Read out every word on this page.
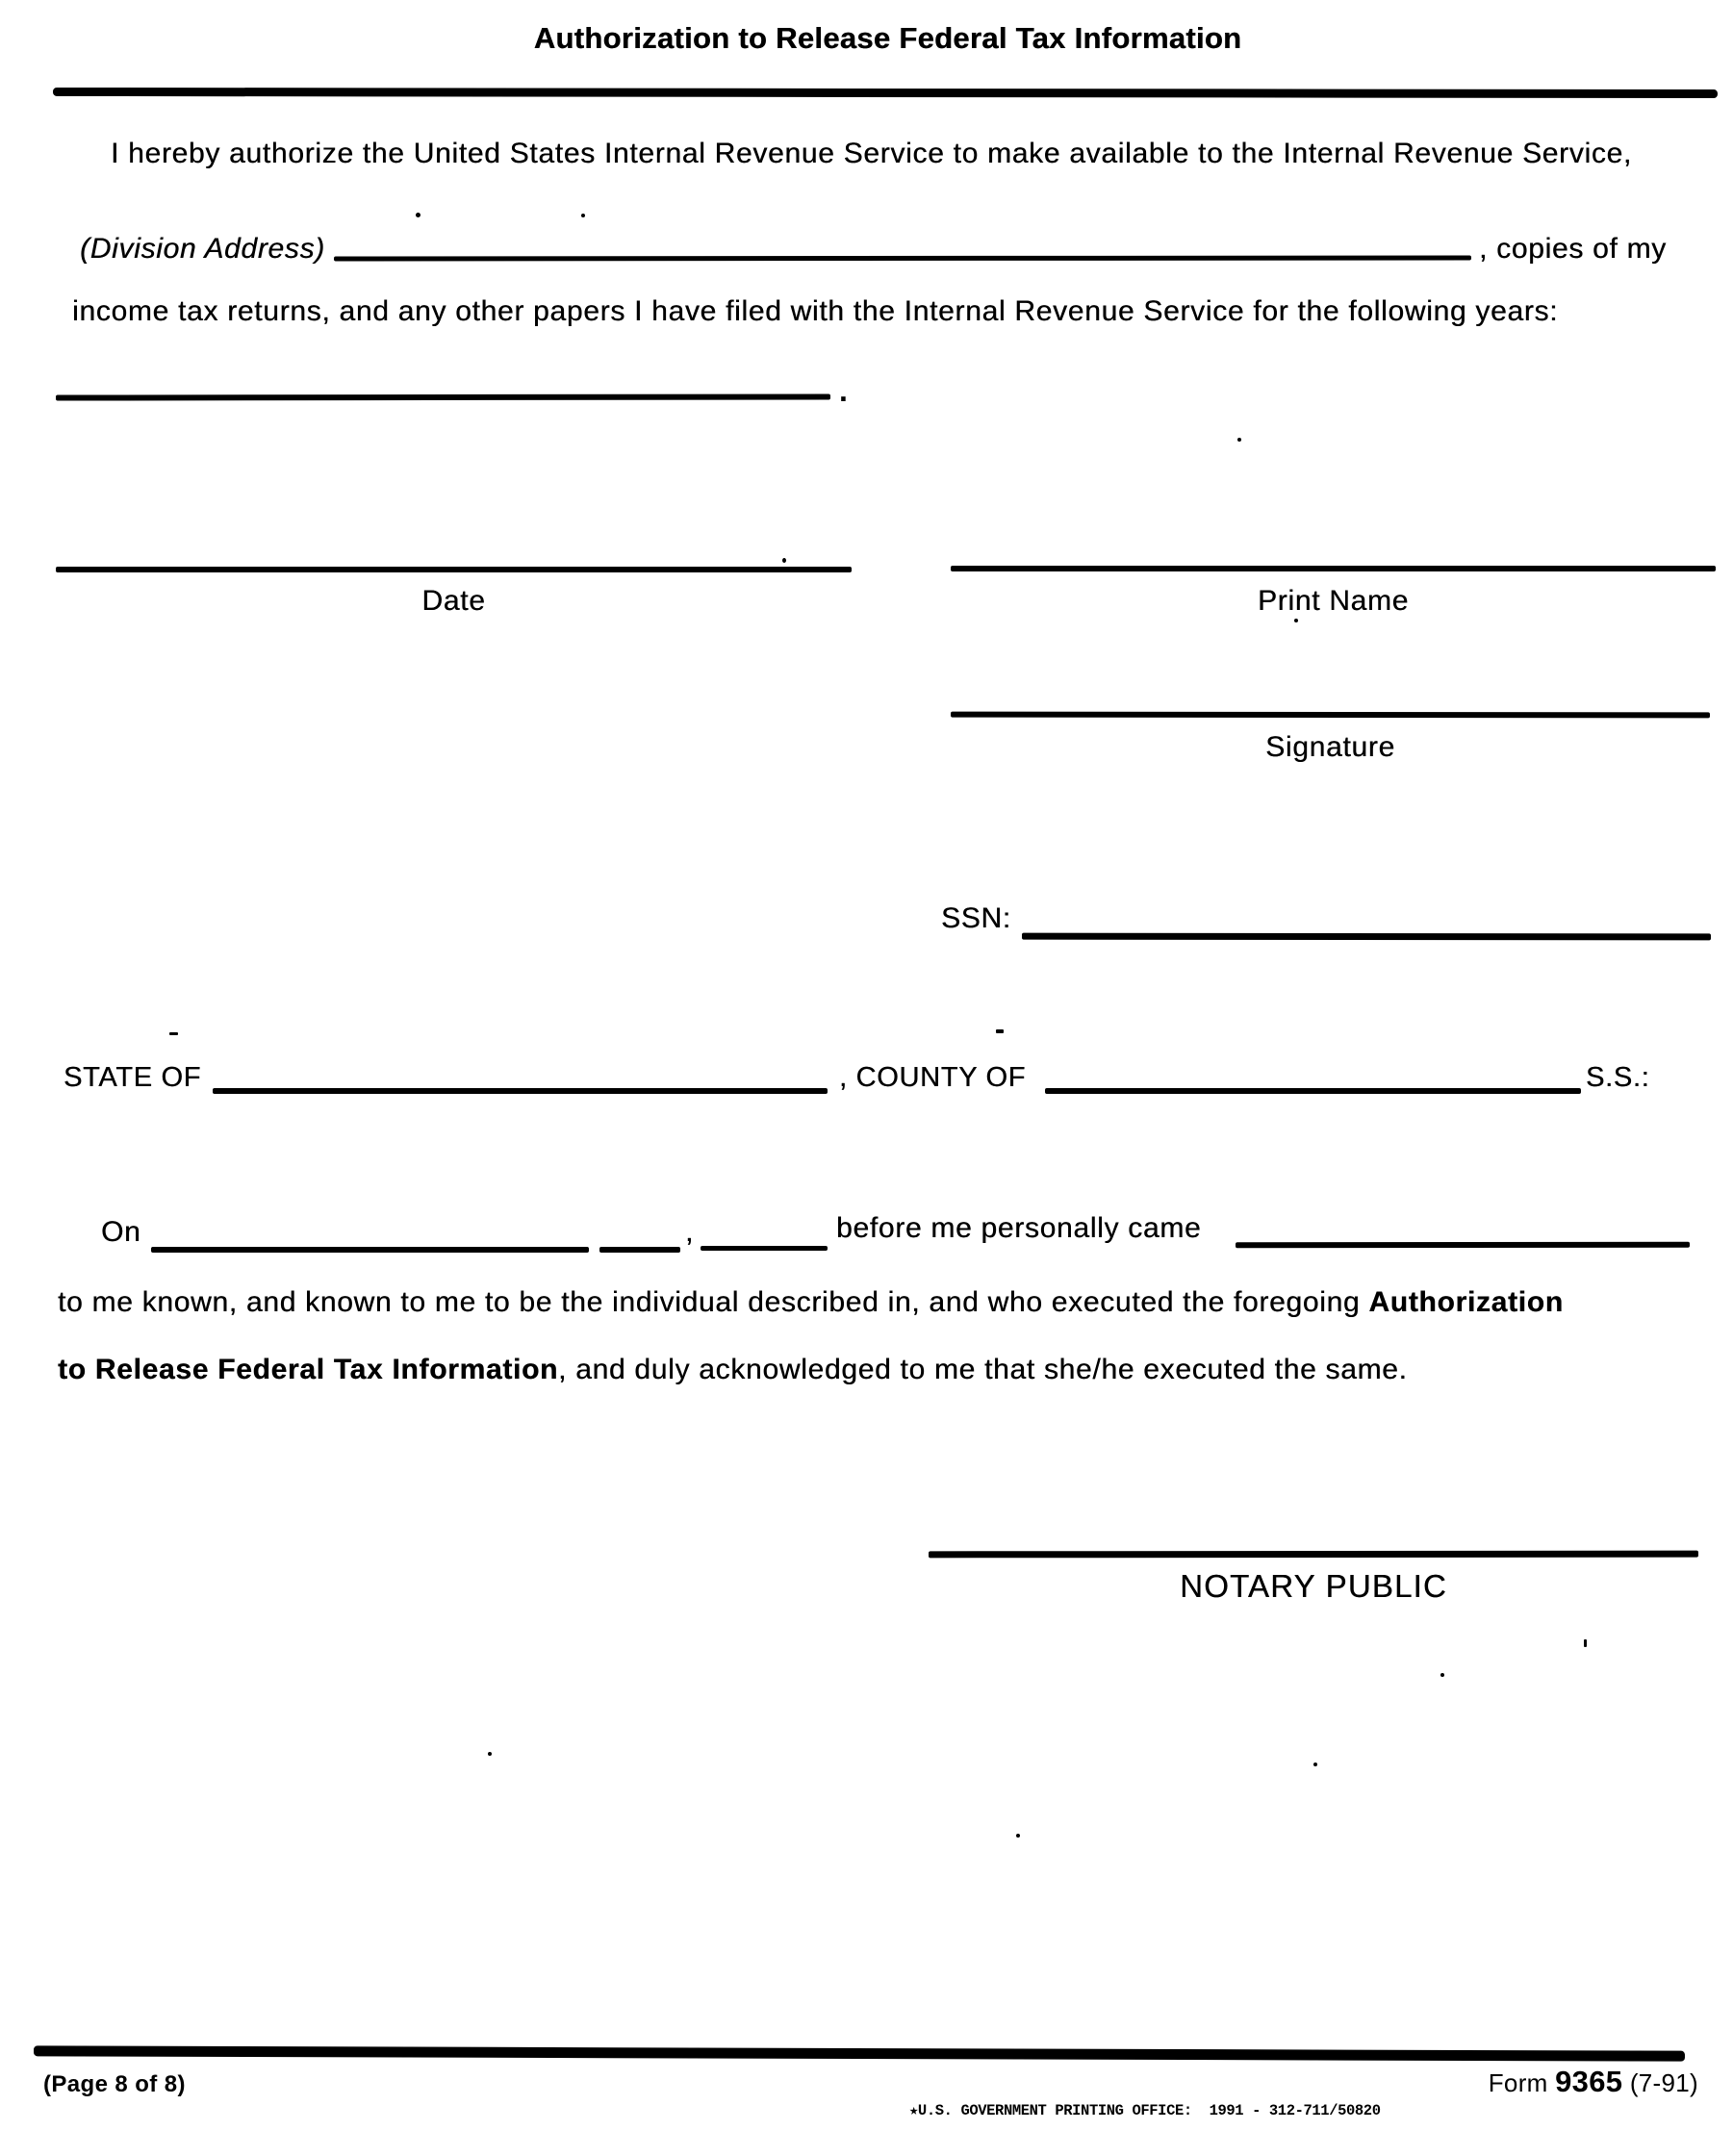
Authorization to Release Federal Tax Information
I hereby authorize the United States Internal Revenue Service to make available to the Internal Revenue Service,
(Division Address)	, copies of my
income tax returns, and any other papers I have filed with the Internal Revenue Service for the following years:
.
Date	Print Name
Signature
SSN:
STATE OF	, COUNTY OF	S.S.:
On	,	before me personally came
to me known, and known to me to be the individual described in, and who executed the foregoing Authorization
to Release Federal Tax Information, and duly acknowledged to me that she/he executed the same.
NOTARY PUBLIC
(Page 8 of 8)	Form 9365 (7-91)
★U.S. GOVERNMENT PRINTING OFFICE:  1991 - 312-711/50820
